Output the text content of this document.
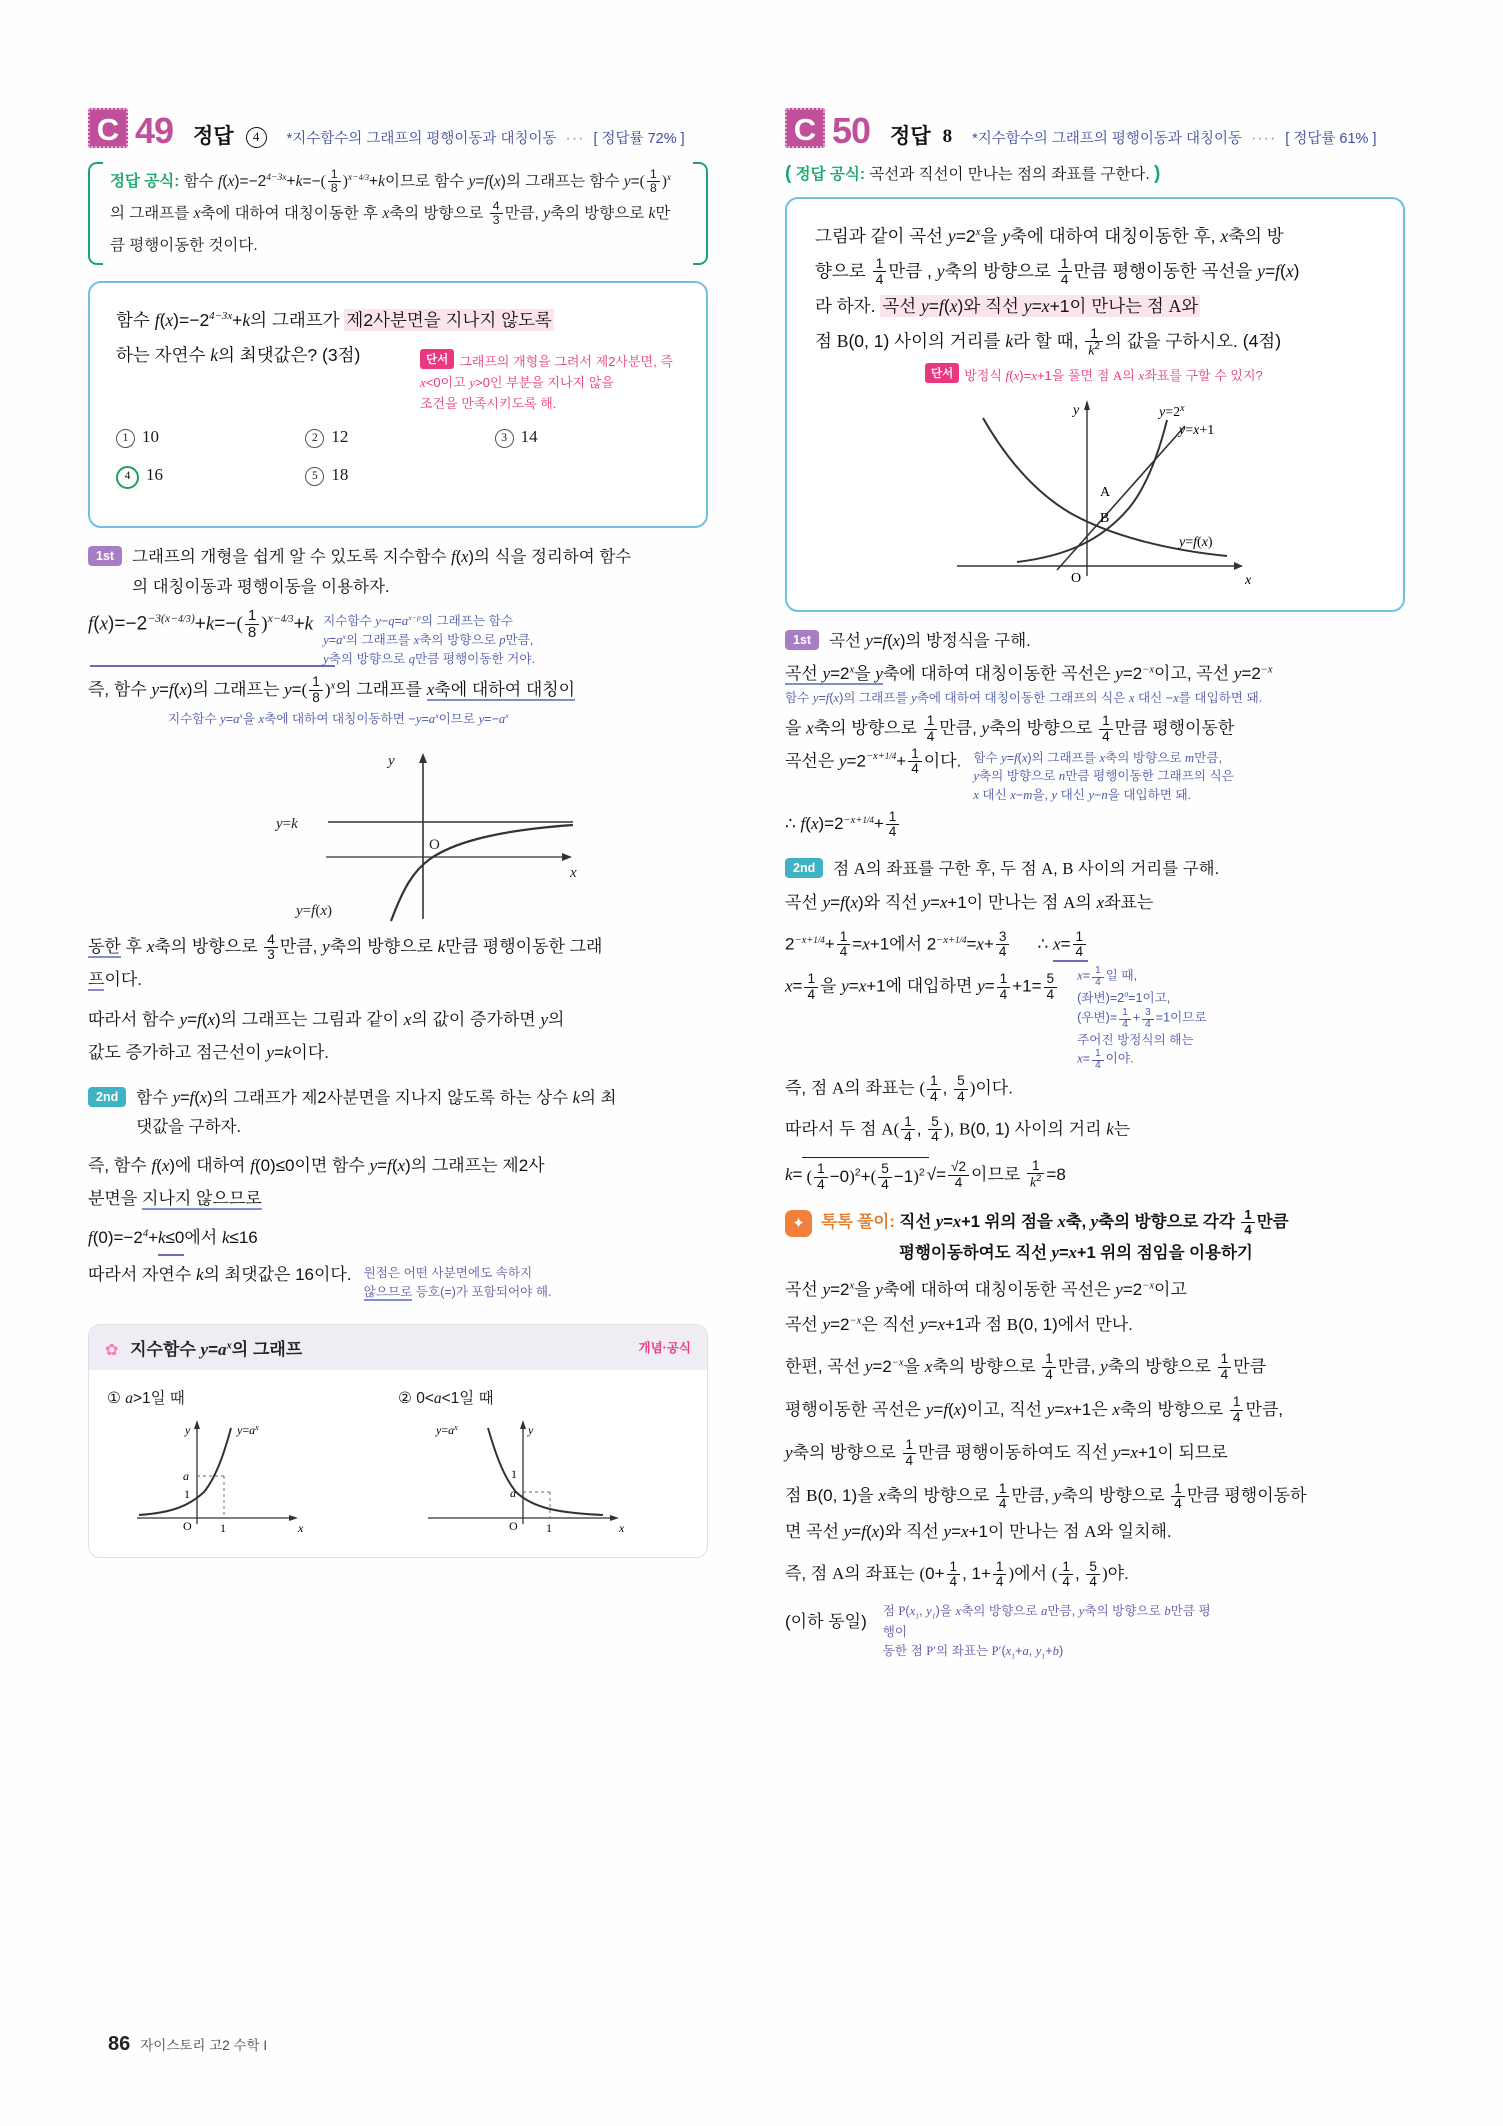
C 49 정답	4	*지수함수의 그래프의 평행이동과 대칭이동 ··· [ 정답률 72% ]
정답 공식: 함수 $f(x)=-2^{4-3x}+k=-( \frac{1}{8} )^{x-4/3}+k$이므로 함수 y=f(x)의 그래프는 함수 $y=( \frac{1}{8} )^x$의 그래프를 x축에 대하여 대칭이동한 후 x축의 방향으로 $\frac{4}{3}$ 만큼, y축의 방향으로 k만큼 평행이동한 것이다.
함수 $f(x)=-2^{4-3x}+k$의 그래프가 제2사분면을 지나지 않도록
하는 자연수 k의 최댓값은? (3점)	단서 그래프의 개형을 그려서 제2사분면, 즉
x<0이고 y>0인 부분을 지나지 않을
조건을 만족시키도록 해.
1 10	2 12	3 14
4 16	5 18
1st	그래프의 개형을 쉽게 알 수 있도록 지수함수 f(x)의 식을 정리하여 함수
의 대칭이동과 평행이동을 이용하자.
$f(x)=-2^{-3(x-4/3)}+k=-( \frac{1}{8} )^{x-4/3}+k$ 지수함수 $y-q=a^{x-p}$의 그래프는 함수
$y=a^x$의 그래프를 x축의 방향으로 p만큼,
y축의 방향으로 q만큼 평행이동한 거야.
즉, 함수 y=f(x)의 그래프는 $y=( \frac{1}{8} )^x$의 그래프를 x축에 대하여 대칭이
지수함수 $y=a^x$을 x축에 대하여 대칭이동하면 $-y=a^x$이므로 $y=-a^x$
y
x
O
y=k
y=f(x)
동한 후 x축의 방향으로 $\frac{4}{3}$ 만큼, y축의 방향으로 k만큼 평행이동한 그래
프이다.
따라서 함수 y=f(x)의 그래프는 그림과 같이 x의 값이 증가하면 y의
값도 증가하고 점근선이 y=k이다.
2nd	함수 y=f(x)의 그래프가 제2사분면을 지나지 않도록 하는 상수 k의 최
댓값을 구하자.
즉, 함수 f(x)에 대하여 f(0)≤0이면 함수 y=f(x)의 그래프는 제2사
분면을 지나지 않으므로
$f(0)=-2^4+k\le 0$에서 k≤16
따라서 자연수 k의 최댓값은 16이다. 원점은 어떤 사분면에도 속하지
않으므로 등호(=)가 포함되어야 해.
✿ 지수함수 $y=a^x$의 그래프	개념·공식
① a>1일 때
y
x
O
a
1
1
$y=a^x$
② 0<a<1일 때
y
x
O
1
a
1
$y=a^x$
C 50 정답 8 *지수함수의 그래프의 평행이동과 대칭이동 ···· [ 정답률 61% ]
( 정답 공식: 곡선과 직선이 만나는 점의 좌표를 구한다. )
그림과 같이 곡선 $y=2^x$을 y축에 대하여 대칭이동한 후, x축의 방
향으로 $\frac{1}{4}$ 만큼 , y축의 방향으로 $\frac{1}{4}$ 만큼 평행이동한 곡선을 y=f(x)
라 하자. 곡선 y=f(x)와 직선 y=x+1이 만나는 점 A와
점 B(0, 1) 사이의 거리를 k라 할 때, $\frac{1}{k^2}$ 의 값을 구하시오. (4점)
단서 방정식 f(x)=x+1을 풀면 점 A의 x좌표를 구할 수 있지?
y
x
O
$y=2^x$
y=x+1
y=f(x)
A
B
1st	곡선 y=f(x)의 방정식을 구해.
곡선 $y=2^x$을 y축에 대하여 대칭이동한 곡선은 $y=2^{-x}$이고, 곡선 $y=2^{-x}$
함수 y=f(x)의 그래프를 y축에 대하여 대칭이동한 그래프의 식은 x 대신 −x를 대입하면 돼.
을 x축의 방향으로 $\frac{1}{4}$ 만큼, y축의 방향으로 $\frac{1}{4}$ 만큼 평행이동한
곡선은 $y=2^{-x+1/4}+ \frac{1}{4}$ 이다. 함수 y=f(x)의 그래프를 x축의 방향으로 m만큼,
y축의 방향으로 n만큼 평행이동한 그래프의 식은
x 대신 x−m을, y 대신 y−n을 대입하면 돼.
∴ $f(x)=2^{-x+1/4}+ \frac{1}{4}$
2nd	점 A의 좌표를 구한 후, 두 점 A, B 사이의 거리를 구해.
곡선 y=f(x)와 직선 y=x+1이 만나는 점 A의 x좌표는
$2^{-x+1/4}+ \frac{1}{4} =x+1$에서 $2^{-x+1/4}=x+ \frac{3}{4}$ ∴ $x= \frac{1}{4}$
$x= \frac{1}{4}$ 을 y=x+1에 대입하면 $y= \frac{1}{4} +1= \frac{5}{4} x= \frac{1}{4}$ 일 때,
(좌변)$=2^0=1$이고,
(우변)= $\frac{1}{4} + \frac{3}{4} =1$이므로
주어진 방정식의 해는
$x= \frac{1}{4}$ 이야.
즉, 점 A의 좌표는 ( $\frac{1}{4}$ , $\frac{5}{4}$ )이다.
따라서 두 점 $A( \frac{1}{4}$ , $\frac{5}{4}$ ), B(0, 1) 사이의 거리 k는
k= ( $\frac{1}{4} -0)^2+( \frac{5}{4} -1)^2$ √= $\frac{√2}{4}$ 이므로 $\frac{1}{k^2} =8$
✦ 톡톡 풀이: 직선 y=x+1 위의 점을 x축, y축의 방향으로 각각 $\frac{1}{4}$ 만큼
평행이동하여도 직선 y=x+1 위의 점임을 이용하기
곡선 $y=2^x$을 y축에 대하여 대칭이동한 곡선은 $y=2^{-x}$이고
곡선 $y=2^{-x}$은 직선 y=x+1과 점 B(0, 1)에서 만나.
한편, 곡선 $y=2^{-x}$을 x축의 방향으로 $\frac{1}{4}$ 만큼, y축의 방향으로 $\frac{1}{4}$ 만큼
평행이동한 곡선은 y=f(x)이고, 직선 y=x+1은 x축의 방향으로 $\frac{1}{4}$ 만큼,
y축의 방향으로 $\frac{1}{4}$ 만큼 평행이동하여도 직선 y=x+1이 되므로
점 B(0, 1)을 x축의 방향으로 $\frac{1}{4}$ 만큼, y축의 방향으로 $\frac{1}{4}$ 만큼 평행이동하
면 곡선 y=f(x)와 직선 y=x+1이 만나는 점 A와 일치해.
즉, 점 A의 좌표는 ($0+ \frac{1}{4}$ , $1+ \frac{1}{4}$ )에서 ( $\frac{1}{4}$ , $\frac{5}{4}$ )야.
(이하 동일)
점 $P(x_1$, $y_1$)을 x축의 방향으로 a만큼, y축의 방향으로 b만큼 평행이
동한 점 P′의 좌표는 $P'(x_1+a$, $y_1+b$)
86 자이스토리 고2 수학 I
